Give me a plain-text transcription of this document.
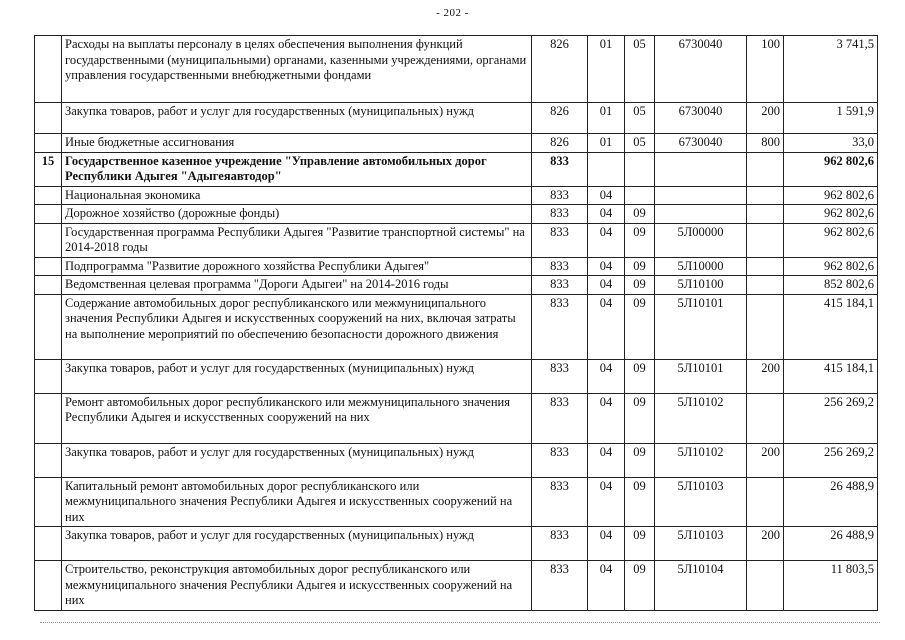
- 202 -
	Расходы на выплаты персоналу в целях обеспечения выполнения функций государственными (муниципальными) органами, казенными учреждениями, органами управления государственными внебюджетными фондами	826	01	05	6730040	100	3 741,5
	Закупка товаров, работ и услуг для государственных (муниципальных) нужд	826	01	05	6730040	200	1 591,9
	Иные бюджетные ассигнования	826	01	05	6730040	800	33,0
15	Государственное казенное учреждение "Управление автомобильных дорог Республики Адыгея "Адыгеяавтодор"	833					962 802,6
	Национальная экономика	833	04				962 802,6
	Дорожное хозяйство (дорожные фонды)	833	04	09			962 802,6
	Государственная программа Республики Адыгея "Развитие транспортной системы" на 2014-2018 годы	833	04	09	5Л00000		962 802,6
	Подпрограмма "Развитие дорожного хозяйства Республики Адыгея"	833	04	09	5Л10000		962 802,6
	Ведомственная целевая программа "Дороги Адыгеи" на 2014-2016 годы	833	04	09	5Л10100		852 802,6
	Содержание автомобильных дорог республиканского или межмуниципального значения Республики Адыгея и искусственных сооружений на них, включая затраты на выполнение мероприятий по обеспечению безопасности дорожного движения	833	04	09	5Л10101		415 184,1
	Закупка товаров, работ и услуг для государственных (муниципальных) нужд	833	04	09	5Л10101	200	415 184,1
	Ремонт автомобильных дорог республиканского или межмуниципального значения Республики Адыгея и искусственных сооружений на них	833	04	09	5Л10102		256 269,2
	Закупка товаров, работ и услуг для государственных (муниципальных) нужд	833	04	09	5Л10102	200	256 269,2
	Капитальный ремонт автомобильных дорог республиканского или межмуниципального значения Республики Адыгея и искусственных сооружений на них	833	04	09	5Л10103		26 488,9
	Закупка товаров, работ и услуг для государственных (муниципальных) нужд	833	04	09	5Л10103	200	26 488,9
	Строительство, реконструкция автомобильных дорог республиканского или межмуниципального значения Республики Адыгея и искусственных сооружений на них	833	04	09	5Л10104		11 803,5
